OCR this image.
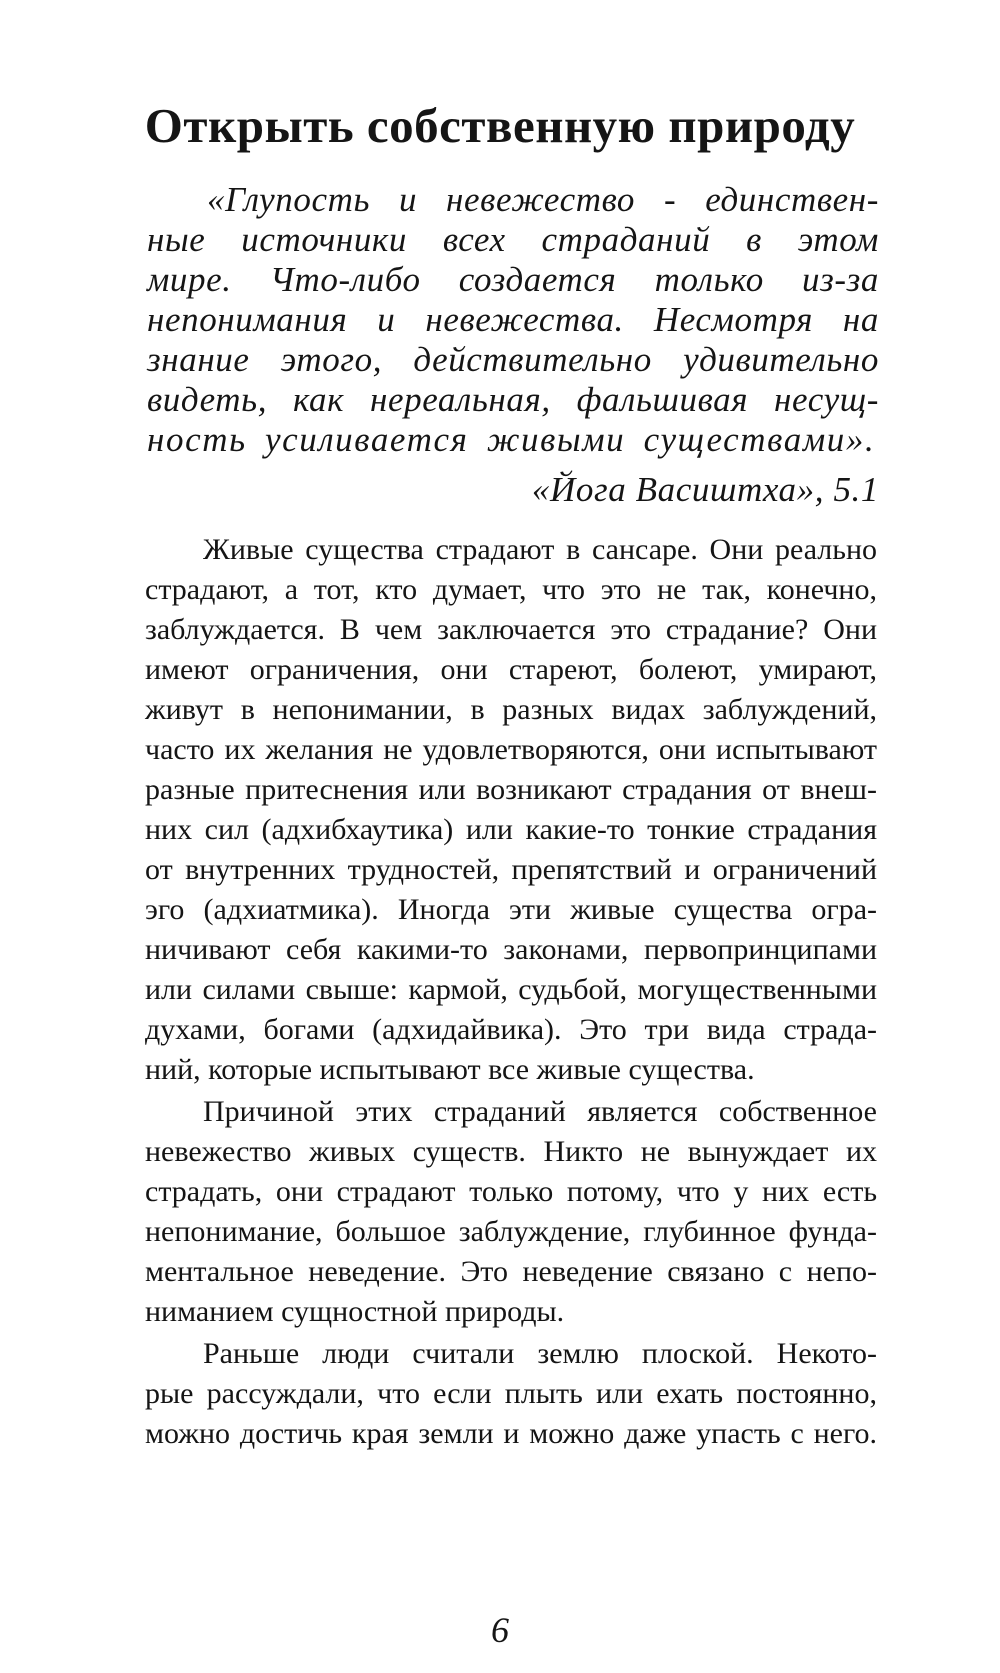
Открыть собственную природу
«Глупость и невежество - единствен-
ные источники всех страданий в этом
мире. Что-либо создается только из-за
непонимания и невежества. Несмотря на
знание этого, действительно удивительно
видеть, как нереальная, фальшивая несущ-
ность усиливается живыми существами».
«Йога Васиштха», 5.1
Живые существа страдают в сансаре. Они реально
страдают, а тот, кто думает, что это не так, конечно,
заблуждается. В чем заключается это страдание? Они
имеют ограничения, они стареют, болеют, умирают,
живут в непонимании, в разных видах заблуждений,
часто их желания не удовлетворяются, они испытывают
разные притеснения или возникают страдания от внеш-
них сил (адхибхаутика) или какие-то тонкие страдания
от внутренних трудностей, препятствий и ограничений
эго (адхиатмика). Иногда эти живые существа огра-
ничивают себя какими-то законами, первопринципами
или силами свыше: кармой, судьбой, могущественными
духами, богами (адхидайвика). Это три вида страда-
ний, которые испытывают все живые существа.
Причиной этих страданий является собственное
невежество живых существ. Никто не вынуждает их
страдать, они страдают только потому, что у них есть
непонимание, большое заблуждение, глубинное фунда-
ментальное неведение. Это неведение связано с непо-
ниманием сущностной природы.
Раньше люди считали землю плоской. Некото-
рые рассуждали, что если плыть или ехать постоянно,
можно достичь края земли и можно даже упасть с него.
6
